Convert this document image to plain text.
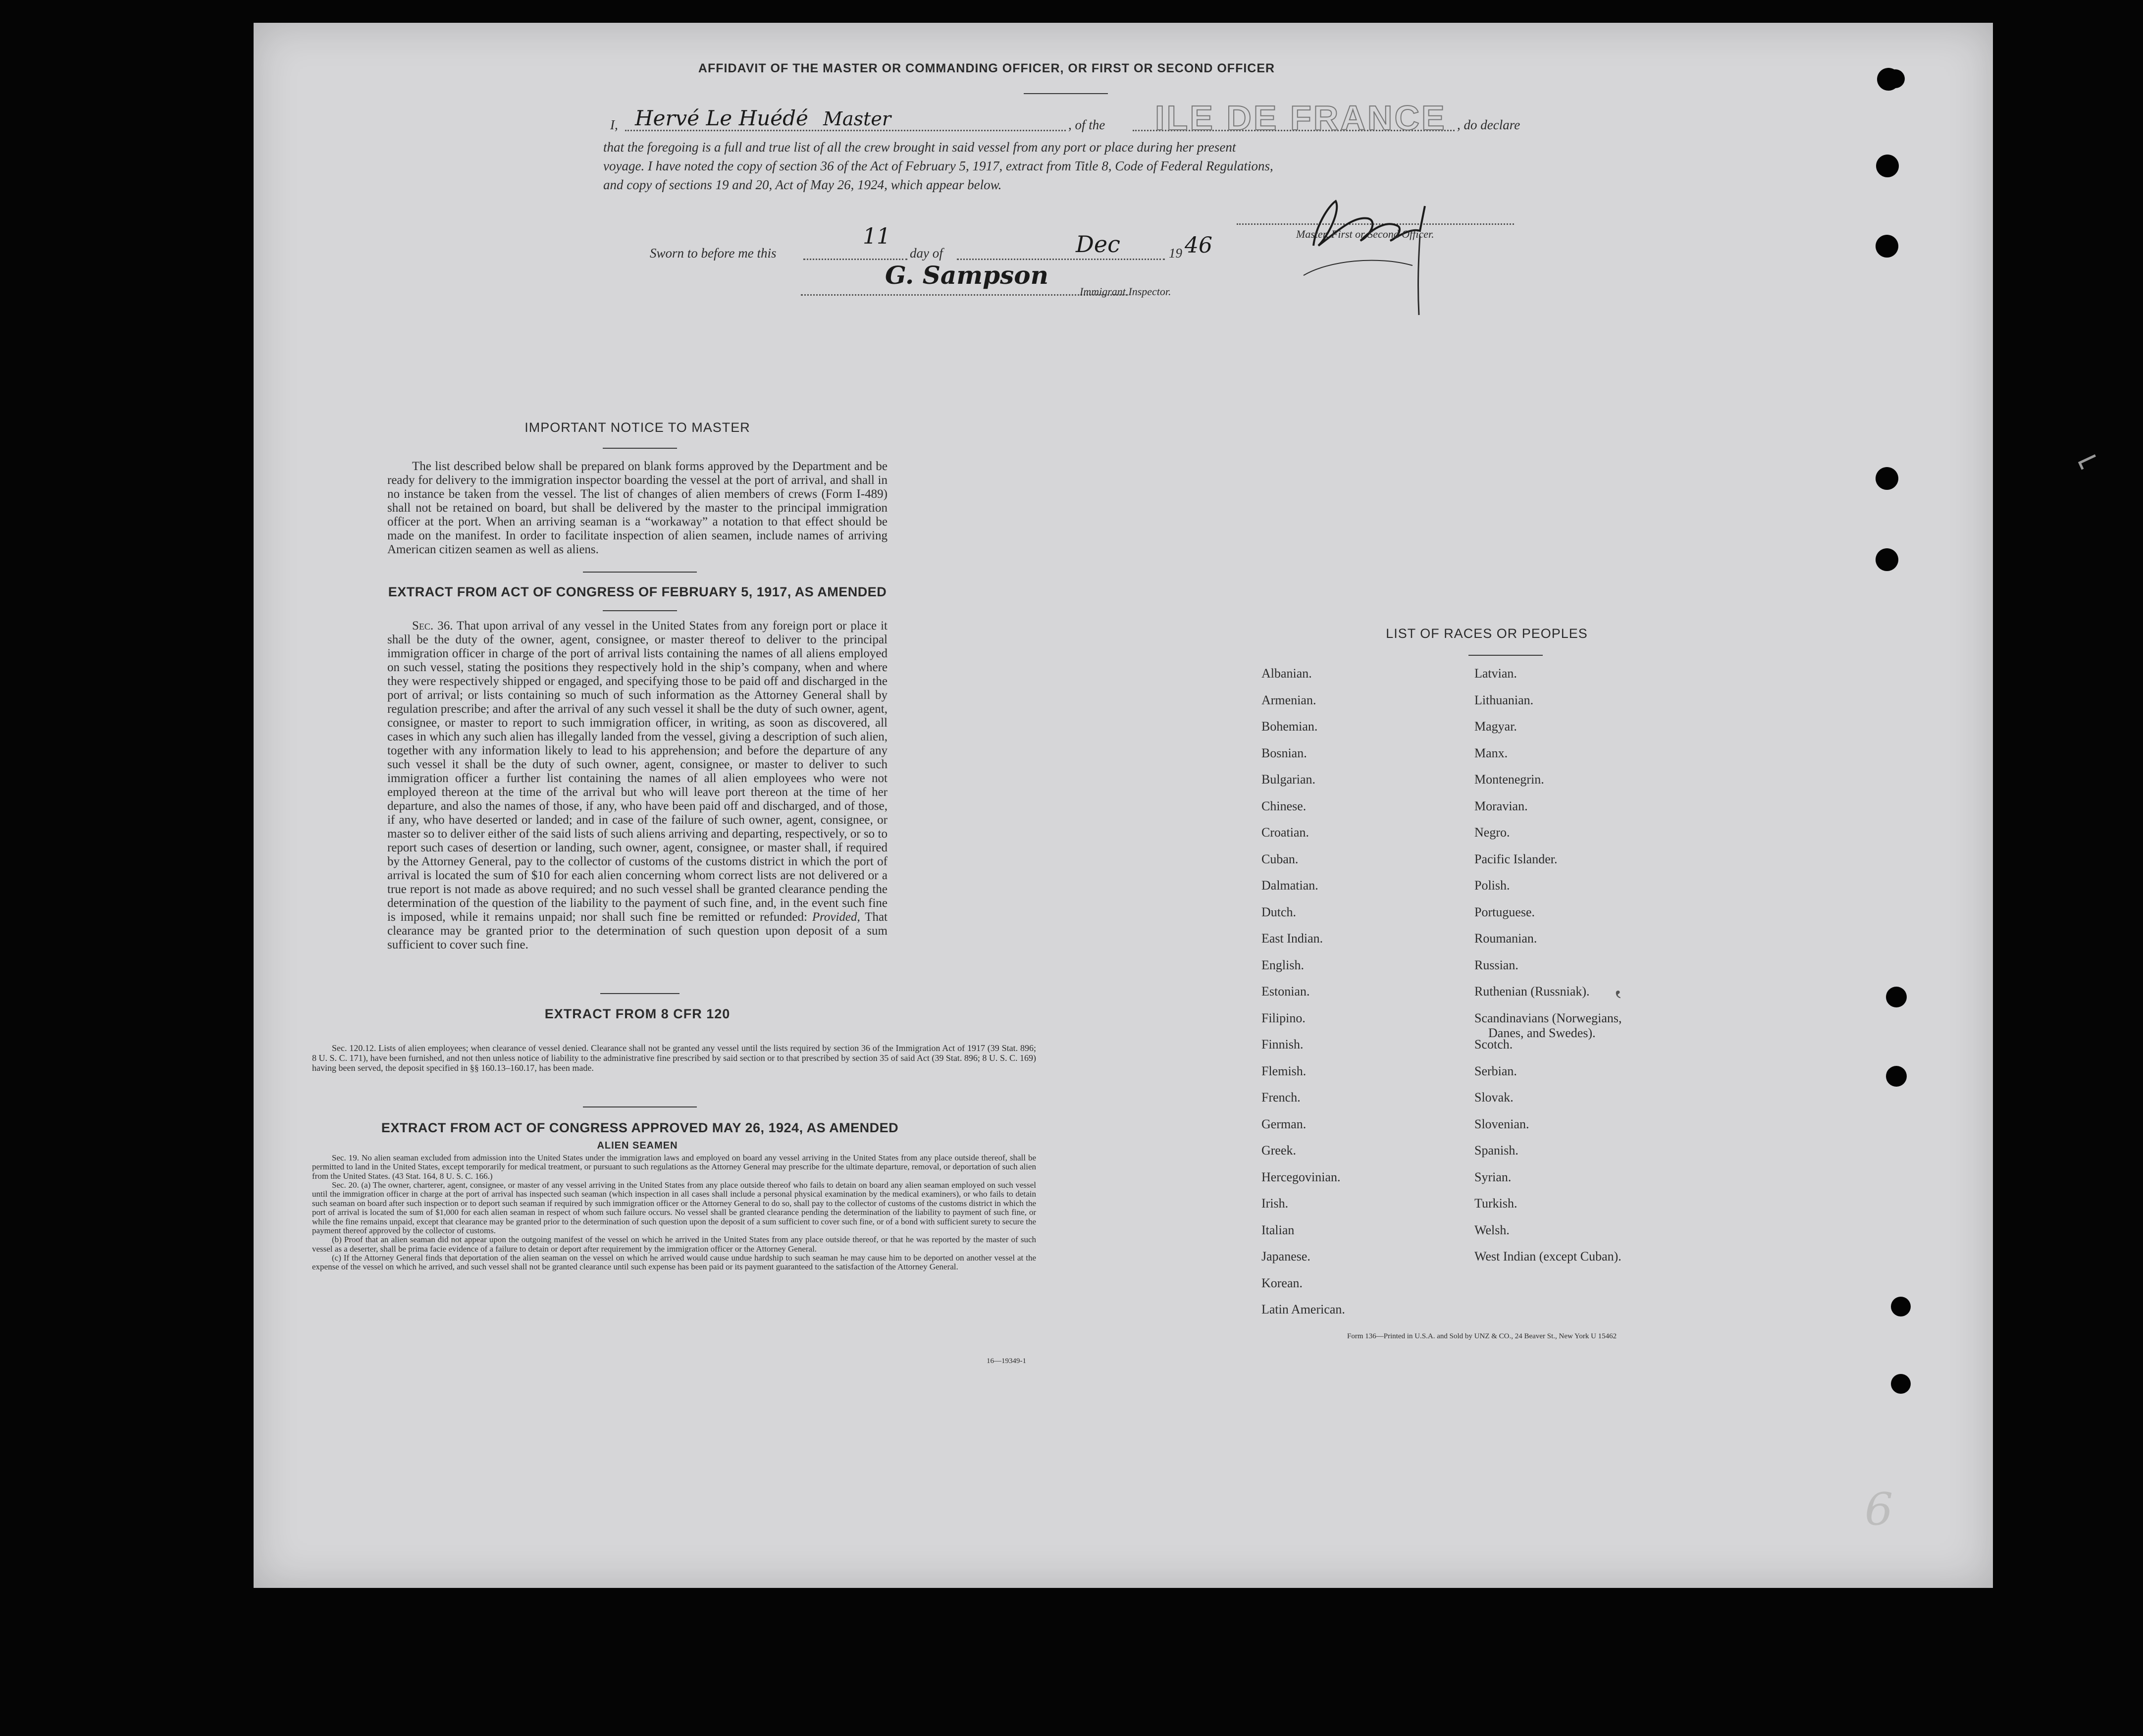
AFFIDAVIT OF THE MASTER OR COMMANDING OFFICER, OR FIRST OR SECOND OFFICER
I, Hervé Le Huédé Master	, of the ILE DE FRANCE , do declare
that the foregoing is a full and true list of all the crew brought in said vessel from any port or place during her present
voyage. I have noted the copy of section 36 of the Act of February 5, 1917, extract from Title 8, Code of Federal Regulations,
and copy of sections 19 and 20, Act of May 26, 1924, which appear below.
Master, First or Second Officer.
Sworn to before me this
11
day of	Dec	19 46
G. Sampson
Immigrant Inspector.
IMPORTANT NOTICE TO MASTER
The list described below shall be prepared on blank forms approved by the Department and be ready for delivery to the immigration inspector boarding the vessel at the port of arrival, and shall in no instance be taken from the vessel. The list of changes of alien members of crews (Form I-489) shall not be retained on board, but shall be delivered by the master to the principal immigration officer at the port. When an arriving seaman is a “workaway” a notation to that effect should be made on the manifest. In order to facilitate inspection of alien seamen, include names of arriving American citizen seamen as well as aliens.
EXTRACT FROM ACT OF CONGRESS OF FEBRUARY 5, 1917, AS AMENDED
Sec. 36. That upon arrival of any vessel in the United States from any foreign port or place it shall be the duty of the owner, agent, consignee, or master thereof to deliver to the principal immigration officer in charge of the port of arrival lists containing the names of all aliens employed on such vessel, stating the positions they respectively hold in the ship’s company, when and where they were respectively shipped or engaged, and specifying those to be paid off and discharged in the port of arrival; or lists containing so much of such information as the Attorney General shall by regulation prescribe; and after the arrival of any such vessel it shall be the duty of such owner, agent, consignee, or master to report to such immigration officer, in writing, as soon as discovered, all cases in which any such alien has illegally landed from the vessel, giving a description of such alien, together with any information likely to lead to his apprehension; and before the departure of any such vessel it shall be the duty of such owner, agent, consignee, or master to deliver to such immigration officer a further list containing the names of all alien employees who were not employed thereon at the time of the arrival but who will leave port thereon at the time of her departure, and also the names of those, if any, who have been paid off and discharged, and of those, if any, who have deserted or landed; and in case of the failure of such owner, agent, consignee, or master so to deliver either of the said lists of such aliens arriving and departing, respectively, or so to report such cases of desertion or landing, such owner, agent, consignee, or master shall, if required by the Attorney General, pay to the collector of customs of the customs district in which the port of arrival is located the sum of $10 for each alien concerning whom correct lists are not delivered or a true report is not made as above required; and no such vessel shall be granted clearance pending the determination of the question of the liability to the payment of such fine, and, in the event such fine is imposed, while it remains unpaid; nor shall such fine be remitted or refunded: Provided, That clearance may be granted prior to the determination of such question upon deposit of a sum sufficient to cover such fine.
EXTRACT FROM 8 CFR 120
Sec. 120.12. Lists of alien employees; when clearance of vessel denied. Clearance shall not be granted any vessel until the lists required by section 36 of the Immigration Act of 1917 (39 Stat. 896; 8 U. S. C. 171), have been furnished, and not then unless notice of liability to the administrative fine prescribed by said section or to that prescribed by section 35 of said Act (39 Stat. 896; 8 U. S. C. 169) having been served, the deposit specified in §§ 160.13–160.17, has been made.
EXTRACT FROM ACT OF CONGRESS APPROVED MAY 26, 1924, AS AMENDED
ALIEN SEAMEN
Sec. 19. No alien seaman excluded from admission into the United States under the immigration laws and employed on board any vessel arriving in the United States from any place outside thereof, shall be permitted to land in the United States, except temporarily for medical treatment, or pursuant to such regulations as the Attorney General may prescribe for the ultimate departure, removal, or deportation of such alien from the United States. (43 Stat. 164, 8 U. S. C. 166.)
Sec. 20. (a) The owner, charterer, agent, consignee, or master of any vessel arriving in the United States from any place outside thereof who fails to detain on board any alien seaman employed on such vessel until the immigration officer in charge at the port of arrival has inspected such seaman (which inspection in all cases shall include a personal physical examination by the medical examiners), or who fails to detain such seaman on board after such inspection or to deport such seaman if required by such immigration officer or the Attorney General to do so, shall pay to the collector of customs of the customs district in which the port of arrival is located the sum of $1,000 for each alien seaman in respect of whom such failure occurs. No vessel shall be granted clearance pending the determination of the liability to payment of such fine, or while the fine remains unpaid, except that clearance may be granted prior to the determination of such question upon the deposit of a sum sufficient to cover such fine, or of a bond with sufficient surety to secure the payment thereof approved by the collector of customs.
(b) Proof that an alien seaman did not appear upon the outgoing manifest of the vessel on which he arrived in the United States from any place outside thereof, or that he was reported by the master of such vessel as a deserter, shall be prima facie evidence of a failure to detain or deport after requirement by the immigration officer or the Attorney General.
(c) If the Attorney General finds that deportation of the alien seaman on the vessel on which he arrived would cause undue hardship to such seaman he may cause him to be deported on another vessel at the expense of the vessel on which he arrived, and such vessel shall not be granted clearance until such expense has been paid or its payment guaranteed to the satisfaction of the Attorney General.
16—19349-1
LIST OF RACES OR PEOPLES
Albanian.
Armenian.
Bohemian.
Bosnian.
Bulgarian.
Chinese.
Croatian.
Cuban.
Dalmatian.
Dutch.
East Indian.
English.
Estonian.
Filipino.
Finnish.
Flemish.
French.
German.
Greek.
Hercegovinian.
Irish.
Italian
Japanese.
Korean.
Latin American.
Latvian.
Lithuanian.
Magyar.
Manx.
Montenegrin.
Moravian.
Negro.
Pacific Islander.
Polish.
Portuguese.
Roumanian.
Russian.
Ruthenian (Russniak).
Scandinavians (Norwegians,
Danes, and Swedes).
Scotch.
Serbian.
Slovak.
Slovenian.
Spanish.
Syrian.
Turkish.
Welsh.
West Indian (except Cuban).
Form 136—Printed in U.S.A. and Sold by UNZ & CO., 24 Beaver St., New York U 15462
‛
⌐
6
